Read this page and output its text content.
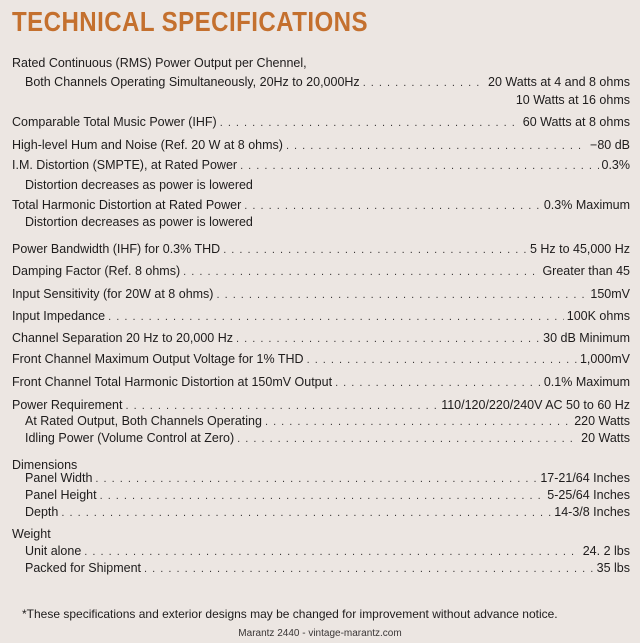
TECHNICAL SPECIFICATIONS
Rated Continuous (RMS) Power Output per Chennel,
Both Channels Operating Simultaneously, 20Hz to 20,000Hz . . .	20 Watts at 4 and 8 ohms
10 Watts at 16 ohms
Comparable Total Music Power (IHF) . . .	60 Watts at 8 ohms
High-level Hum and Noise (Ref. 20 W at 8 ohms) . . .	−80 dB
I.M. Distortion (SMPTE), at Rated Power . . .	0.3%
Distortion decreases as power is lowered
Total Harmonic Distortion at Rated Power . . .	0.3% Maximum
Distortion decreases as power is lowered
Power Bandwidth (IHF) for 0.3% THD . . .	5 Hz to 45,000 Hz
Damping Factor (Ref. 8 ohms) . . .	Greater than 45
Input Sensitivity (for 20W at 8 ohms) . . .	150mV
Input Impedance . . .	100K ohms
Channel Separation 20 Hz to 20,000 Hz . . .	30 dB Minimum
Front Channel Maximum Output Voltage for 1% THD . . .	1,000mV
Front Channel Total Harmonic Distortion at 150mV Output . . .	0.1% Maximum
Power Requirement . . .	110/120/220/240V AC 50 to 60 Hz
At Rated Output, Both Channels Operating . . .	220 Watts
Idling Power (Volume Control at Zero) . . .	20 Watts
Dimensions
Panel Width . . .	17-21/64 Inches
Panel Height . . .	5-25/64 Inches
Depth . . .	14-3/8 Inches
Weight
Unit alone . . .	24. 2 lbs
Packed for Shipment . . .	35 lbs
*These specifications and exterior designs may be changed for improvement without advance notice.
Marantz 2440 - vintage-marantz.com
